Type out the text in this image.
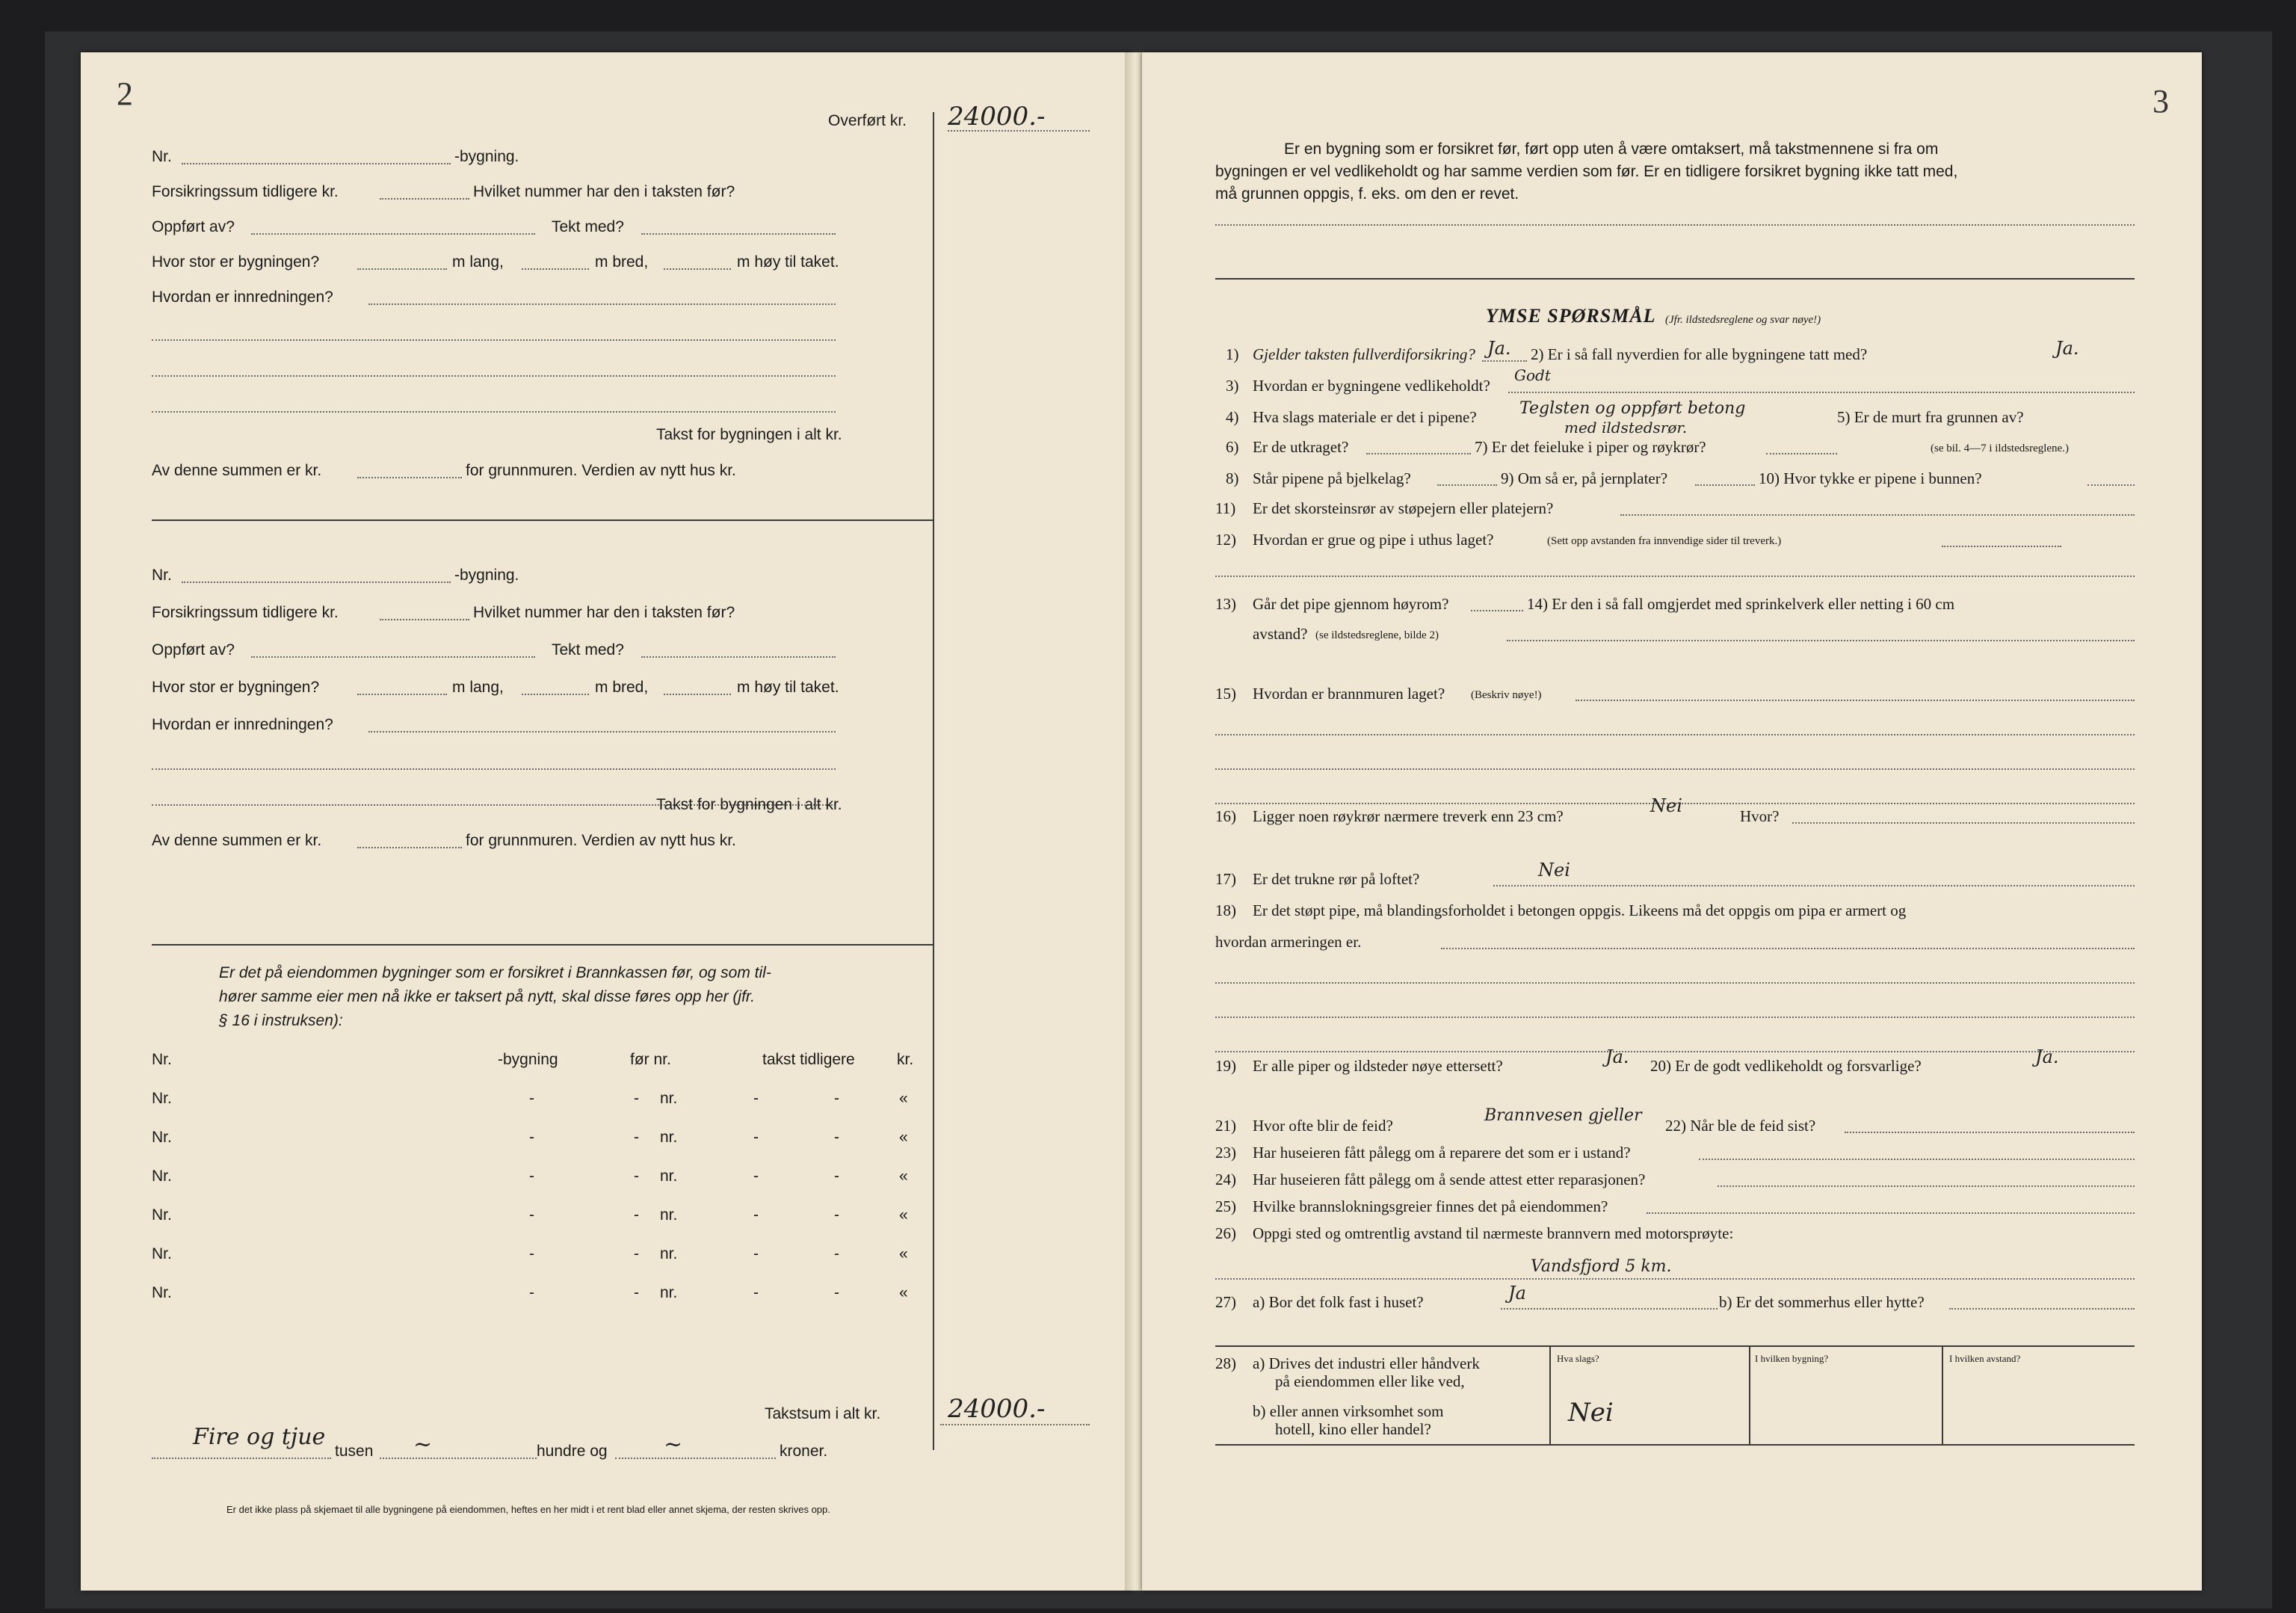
2
Overført kr. 24000.-
Nr.	-bygning.
Forsikringssum tidligere kr.	Hvilket nummer har den i taksten før?
Oppført av?	Tekt med?
Hvor stor er bygningen?	m lang,	m bred,	m høy til taket.
Hvordan er innredningen?
Takst for bygningen i alt kr.
Av denne summen er kr.	for grunnmuren. Verdien av nytt hus kr.
Nr.	-bygning.
Forsikringssum tidligere kr.	Hvilket nummer har den i taksten før?
Oppført av?	Tekt med?
Hvor stor er bygningen?	m lang,	m bred,	m høy til taket.
Hvordan er innredningen?
Takst for bygningen i alt kr.
Av denne summen er kr.	for grunnmuren. Verdien av nytt hus kr.
Er det på eiendommen bygninger som er forsikret i Brannkassen før, og som til-
hører samme eier men nå ikke er taksert på nytt, skal disse føres opp her (jfr.
§ 16 i instruksen):
Nr.	-bygning	før nr.	takst tidligere	kr.
Nr.	-	- nr.	-	-	«
Nr.	-	- nr.	-	-	«
Nr.	-	- nr.	-	-	«
Nr.	-	- nr.	-	-	«
Nr.	-	- nr.	-	-	«
Nr.	-	- nr.	-	-	«
Takstsum i alt kr.	24000.-
Fire og tjue
tusen ~	hundre og	~	kroner.
Er det ikke plass på skjemaet til alle bygningene på eiendommen, heftes en her midt i et rent blad eller annet skjema, der resten skrives opp.
3
Er en bygning som er forsikret før, ført opp uten å være omtaksert, må takstmennene si fra om
bygningen er vel vedlikeholdt og har samme verdien som før. Er en tidligere forsikret bygning ikke tatt med,
må grunnen oppgis, f. eks. om den er revet.
YMSE SPØRSMÅL (Jfr. ildstedsreglene og svar nøye!)
1) Gjelder taksten fullverdiforsikring? Ja. 2) Er i så fall nyverdien for alle bygningene tatt med?	Ja.
3) Hvordan er bygningene vedlikeholdt?
Godt
4) Hva slags materiale er det i pipene?	Teglsten og oppført betong
med ildstedsrør.
5) Er de murt fra grunnen av?
6) Er de utkraget?	7) Er det feieluke i piper og røykrør?	(se bil. 4—7 i ildstedsreglene.)
8) Står pipene på bjelkelag?	9) Om så er, på jernplater?	10) Hvor tykke er pipene i bunnen?
11) Er det skorsteinsrør av støpejern eller platejern?
12) Hvordan er grue og pipe i uthus laget?	(Sett opp avstanden fra innvendige sider til treverk.)
13) Går det pipe gjennom høyrom?	14) Er den i så fall omgjerdet med sprinkelverk eller netting i 60 cm
avstand? (se ildstedsreglene, bilde 2)
15) Hvordan er brannmuren laget? (Beskriv nøye!)
16) Ligger noen røykrør nærmere treverk enn 23 cm?	Nei	Hvor?
17) Er det trukne rør på loftet?	Nei
18) Er det støpt pipe, må blandingsforholdet i betongen oppgis. Likeens må det oppgis om pipa er armert og
hvordan armeringen er.
19) Er alle piper og ildsteder nøye ettersett?	Ja. 20) Er de godt vedlikeholdt og forsvarlige?	Ja.
21) Hvor ofte blir de feid?
Brannvesen gjeller
22) Når ble de feid sist?
23) Har huseieren fått pålegg om å reparere det som er i ustand?
24) Har huseieren fått pålegg om å sende attest etter reparasjonen?
25) Hvilke brannslokningsgreier finnes det på eiendommen?
26) Oppgi sted og omtrentlig avstand til nærmeste brannvern med motorsprøyte:
Vandsfjord 5 km.
27) a) Bor det folk fast i huset?	Ja	b) Er det sommerhus eller hytte?
28) a) Drives det industri eller håndverk
på eiendommen eller like ved,
b) eller annen virksomhet som
hotell, kino eller handel?
Hva slags?	I hvilken bygning?	I hvilken avstand?
Nei
